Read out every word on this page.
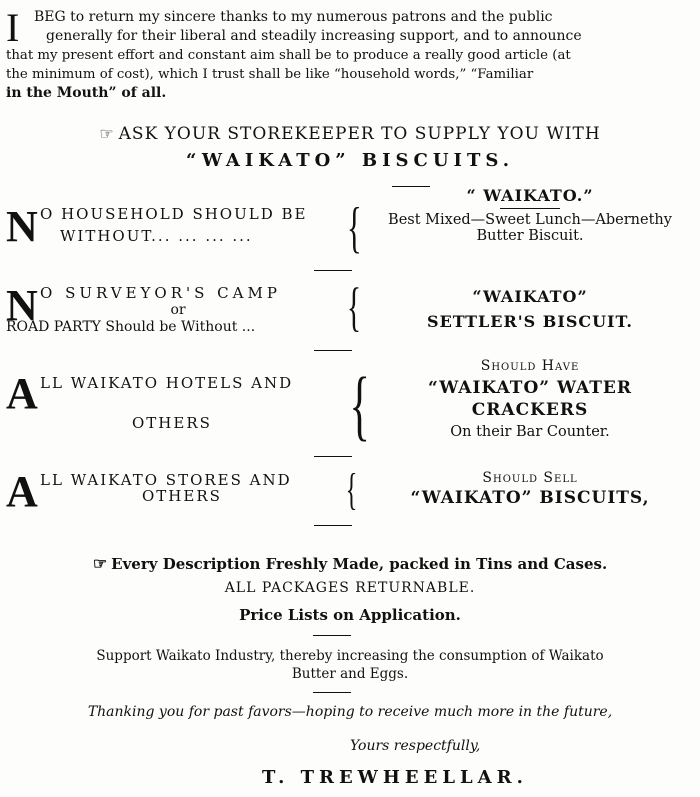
I	BEG to return my sincere thanks to my numerous patrons and the public
generally for their liberal and steadily increasing support, and to announce
that my present effort and constant aim shall be to produce a really good article (at
the minimum of cost), which I trust shall be like “household words,” “Familiar
in the Mouth” of all.
☞ ASK YOUR STOREKEEPER TO SUPPLY YOU WITH
“WAIKATO” BISCUITS.
N O HOUSEHOLD SHOULD BE
WITHOUT... ... ... ...	{
“ WAIKATO.”
Best Mixed—Sweet Lunch—Abernethy
Butter Biscuit.
N O SURVEYOR'S CAMP
or
ROAD PARTY Should be Without ... {	“WAIKATO”
SETTLER'S BISCUIT.
A LL WAIKATO HOTELS AND
OTHERS {	Should Have
“WAIKATO” WATER
CRACKERS
On their Bar Counter.
A LL WAIKATO STORES AND
OTHERS	{	Should Sell
“WAIKATO” BISCUITS,
☞ Every Description Freshly Made, packed in Tins and Cases.
ALL PACKAGES RETURNABLE.
Price Lists on Application.
Support Waikato Industry, thereby increasing the consumption of Waikato
Butter and Eggs.
Thanking you for past favors—hoping to receive much more in the future,
Yours respectfully,
T. TREWHEELLAR.
